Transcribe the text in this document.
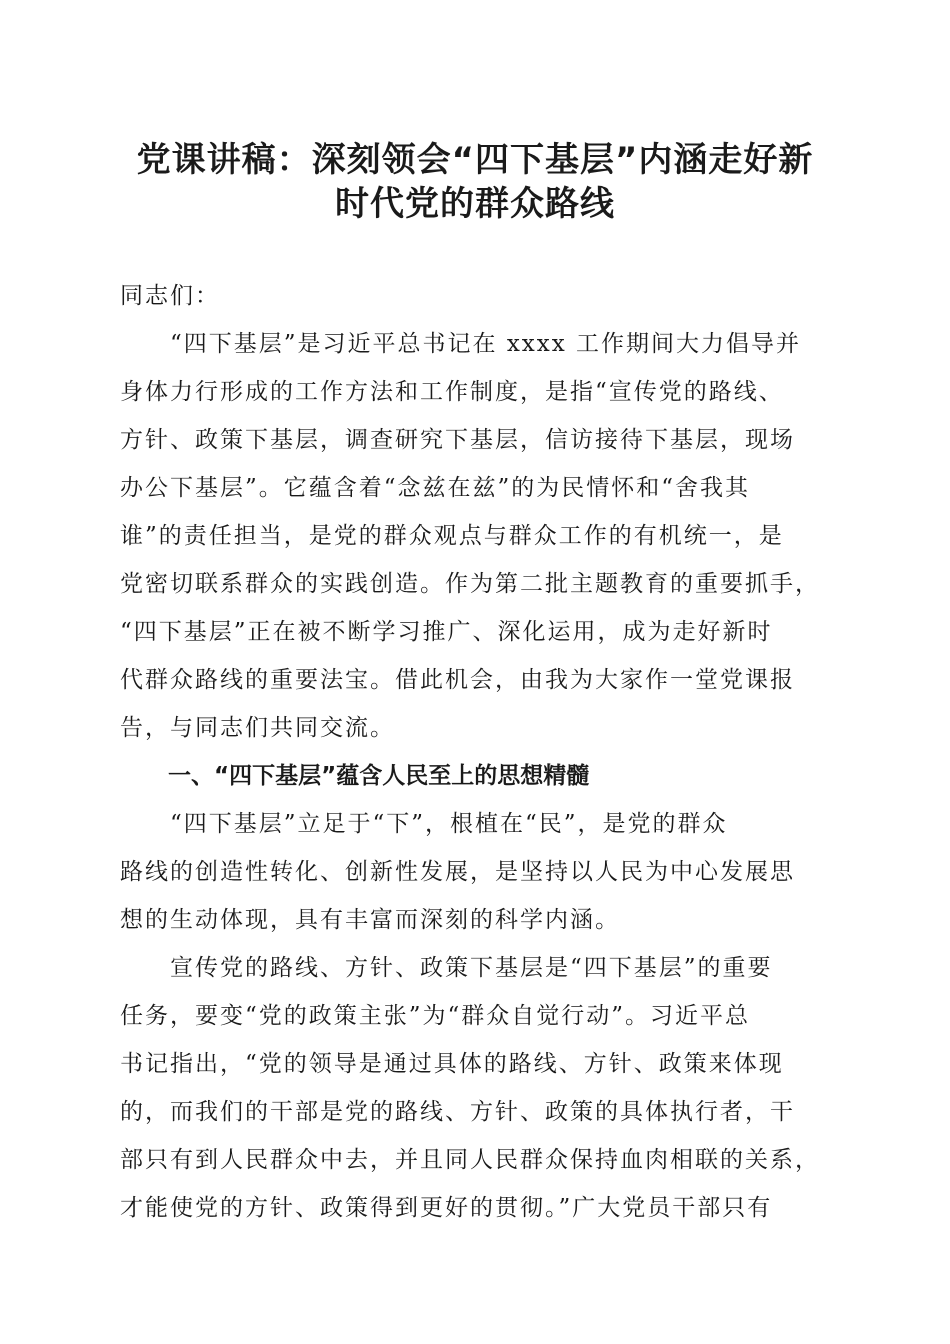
党课讲稿：深刻领会“四下基层”内涵走好新
时代党的群众路线
同志们：
　　“四下基层”是习近平总书记在 xxxx 工作期间大力倡导并
身体力行形成的工作方法和工作制度，是指“宣传党的路线、
方针、政策下基层，调查研究下基层，信访接待下基层，现场
办公下基层”。它蕴含着“念兹在兹”的为民情怀和“舍我其
谁”的责任担当，是党的群众观点与群众工作的有机统一，是
党密切联系群众的实践创造。作为第二批主题教育的重要抓手，
“四下基层”正在被不断学习推广、深化运用，成为走好新时
代群众路线的重要法宝。借此机会，由我为大家作一堂党课报
告，与同志们共同交流。
一、“四下基层”蕴含人民至上的思想精髓
　　“四下基层”立足于“下”，根植在“民”，是党的群众
路线的创造性转化、创新性发展，是坚持以人民为中心发展思
想的生动体现，具有丰富而深刻的科学内涵。
　　宣传党的路线、方针、政策下基层是“四下基层”的重要
任务，要变“党的政策主张”为“群众自觉行动”。习近平总
书记指出，“党的领导是通过具体的路线、方针、政策来体现
的，而我们的干部是党的路线、方针、政策的具体执行者，干
部只有到人民群众中去，并且同人民群众保持血肉相联的关系，
才能使党的方针、政策得到更好的贯彻。”广大党员干部只有
